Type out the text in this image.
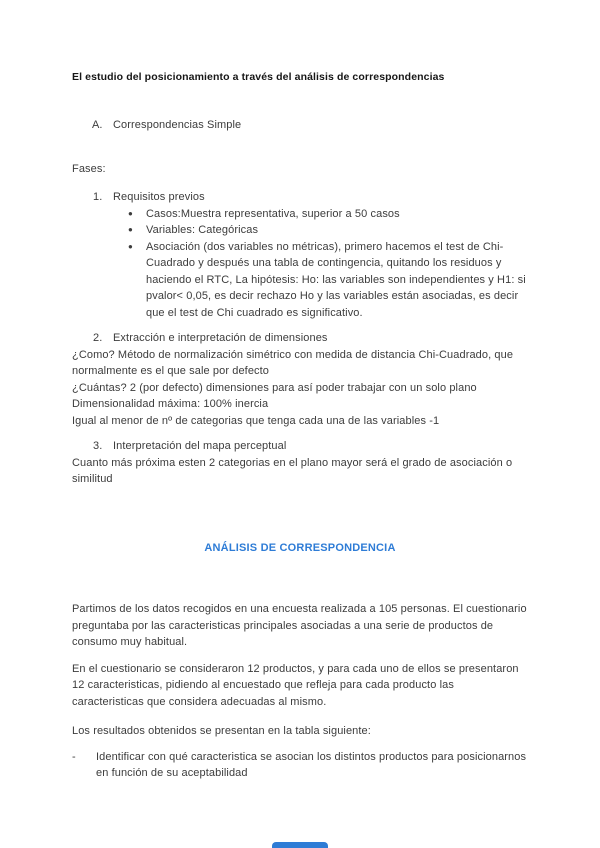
El estudio del posicionamiento a través del análisis de correspondencias
A. Correspondencias Simple
Fases:
1. Requisitos previos
●	Casos:Muestra representativa, superior a 50 casos
●	Variables: Categóricas
●	Asociación (dos variables no métricas), primero hacemos el test de Chi-Cuadrado y después una tabla de contingencia, quitando los residuos y haciendo el RTC, La hipótesis: Ho: las variables son independientes y H1: si pvalor< 0,05, es decir rechazo Ho y las variables están asociadas, es decir que el test de Chi cuadrado es significativo.
2. Extracción e interpretación de dimensiones
¿Como? Método de normalización simétrico con medida de distancia Chi-Cuadrado, que normalmente es el que sale por defecto
¿Cuántas? 2 (por defecto) dimensiones para así poder trabajar con un solo plano
Dimensionalidad máxima: 100% inercia
Igual al menor de nº de categorias que tenga cada una de las variables -1
3. Interpretación del mapa perceptual
Cuanto más próxima esten 2 categorias en el plano mayor será el grado de asociación o similitud
ANÁLISIS DE CORRESPONDENCIA

Partimos de los datos recogidos en una encuesta realizada a 105 personas. El cuestionario preguntaba por las caracteristicas principales asociadas a una serie de productos de consumo muy habitual.

En el cuestionario se consideraron 12 productos, y para cada uno de ellos se presentaron 12 caracteristicas, pidiendo al encuestado que refleja para cada producto las caracteristicas que considera adecuadas al mismo.

Los resultados obtenidos se presentan en la tabla siguiente:

-	Identificar con qué caracteristica se asocian los distintos productos para posicionarnos en función de su aceptabilidad
